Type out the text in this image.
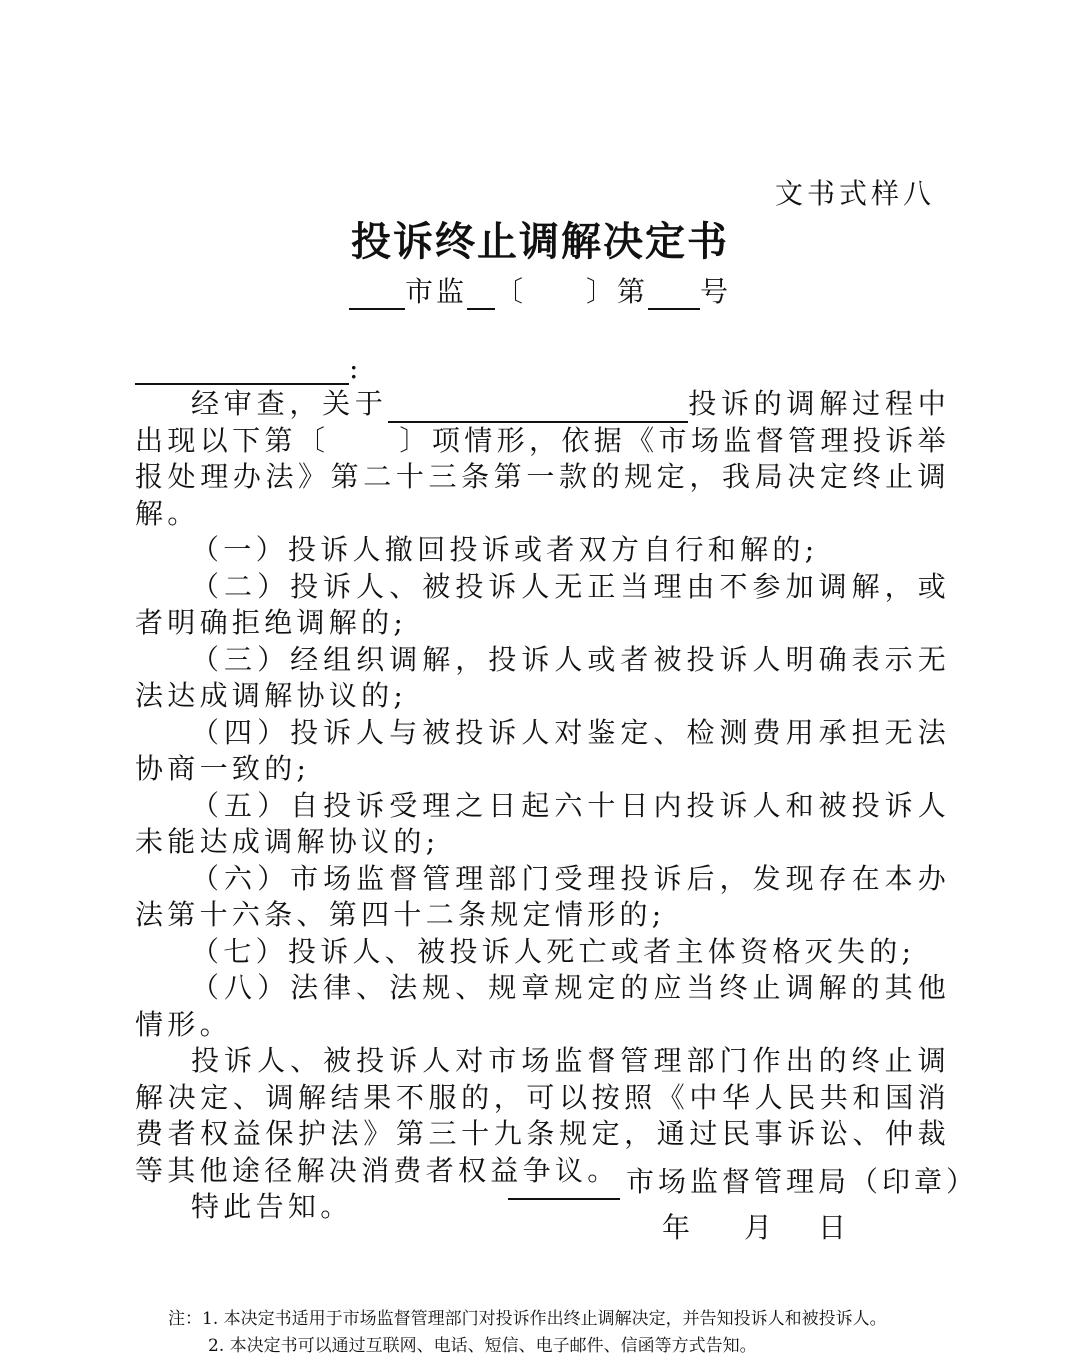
文书式样八
投诉终止调解决定书
市监 〔 〕第 号
:

经审查，关于	投诉的调解过程中出现以下第〔	〕项情形，依据《市场监督管理投诉举报处理办法》第二十三条第一款的规定，我局决定终止调解。

（一）投诉人撤回投诉或者双方自行和解的;

（二）投诉人、被投诉人无正当理由不参加调解，或者明确拒绝调解的;

（三）经组织调解，投诉人或者被投诉人明确表示无法达成调解协议的;

（四）投诉人与被投诉人对鉴定、检测费用承担无法协商一致的;

（五）自投诉受理之日起六十日内投诉人和被投诉人未能达成调解协议的;

（六）市场监督管理部门受理投诉后，发现存在本办法第十六条、第四十二条规定情形的;

（七）投诉人、被投诉人死亡或者主体资格灭失的;

（八）法律、法规、规章规定的应当终止调解的其他情形。

投诉人、被投诉人对市场监督管理部门作出的终止调解决定、调解结果不服的，可以按照《中华人民共和国消费者权益保护法》第三十九条规定，通过民事诉讼、仲裁等其他途径解决消费者权益争议。

特此告知。

市场监督管理局（印章）
年 月 日
注：1. 本决定书适用于市场监督管理部门对投诉作出终止调解决定，并告知投诉人和被投诉人。
2. 本决定书可以通过互联网、电话、短信、电子邮件、信函等方式告知。
